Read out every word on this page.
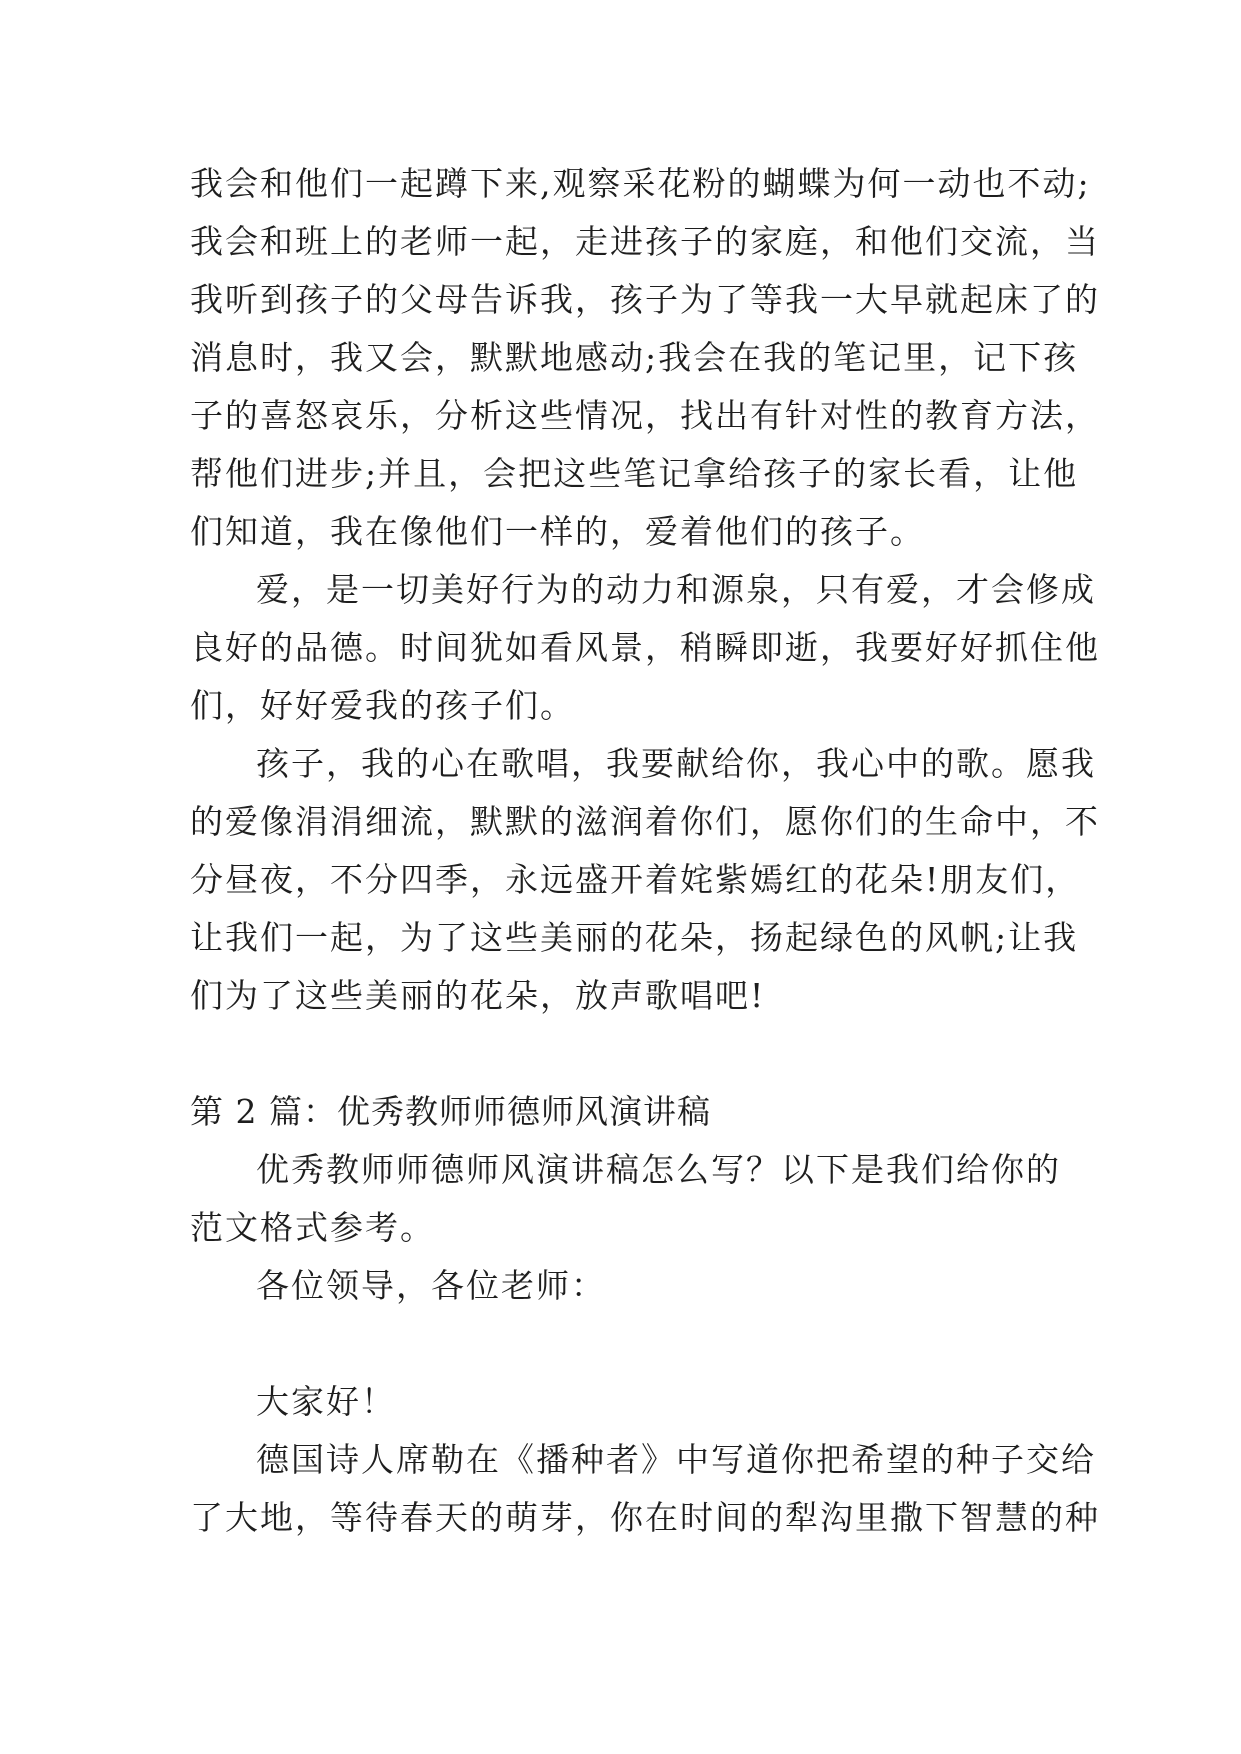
我会和他们一起蹲下来,观察采花粉的蝴蝶为何一动也不动;
我会和班上的老师一起，走进孩子的家庭，和他们交流，当
我听到孩子的父母告诉我，孩子为了等我一大早就起床了的
消息时，我又会，默默地感动;我会在我的笔记里，记下孩
子的喜怒哀乐，分析这些情况，找出有针对性的教育方法，
帮他们进步;并且，会把这些笔记拿给孩子的家长看，让他
们知道，我在像他们一样的，爱着他们的孩子。
爱，是一切美好行为的动力和源泉，只有爱，才会修成
良好的品德。时间犹如看风景，稍瞬即逝，我要好好抓住他
们，好好爱我的孩子们。
孩子，我的心在歌唱，我要献给你，我心中的歌。愿我
的爱像涓涓细流，默默的滋润着你们，愿你们的生命中，不
分昼夜，不分四季，永远盛开着姹紫嫣红的花朵!朋友们，
让我们一起，为了这些美丽的花朵，扬起绿色的风帆;让我
们为了这些美丽的花朵，放声歌唱吧!
第 2 篇：优秀教师师德师风演讲稿
优秀教师师德师风演讲稿怎么写？以下是我们给你的
范文格式参考。
各位领导，各位老师：
大家好！
德国诗人席勒在《播种者》中写道你把希望的种子交给
了大地，等待春天的萌芽，你在时间的犁沟里撒下智慧的种
